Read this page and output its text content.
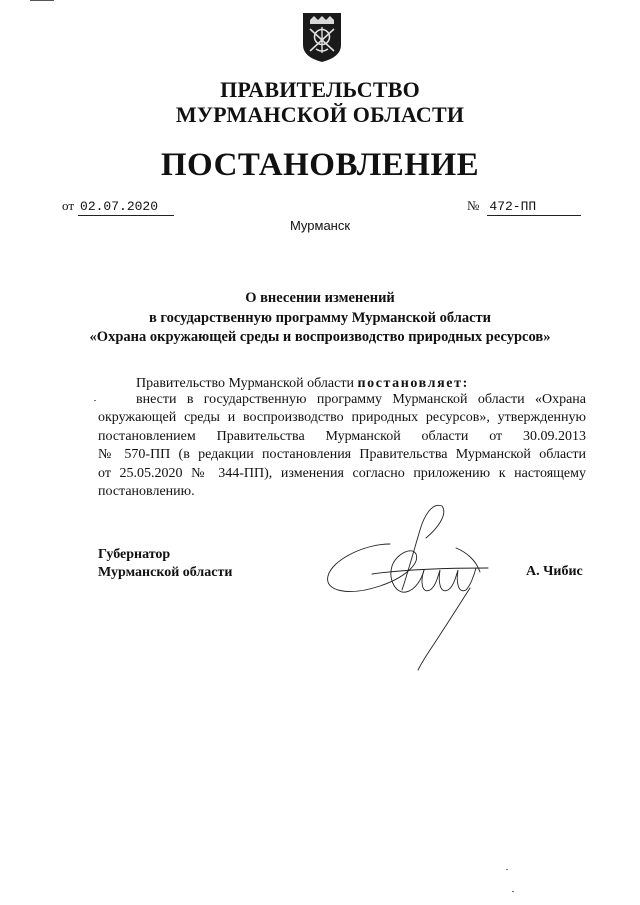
ПРАВИТЕЛЬСТВО
МУРМАНСКОЙ ОБЛАСТИ
ПОСТАНОВЛЕНИЕ
от 02.07.2020	№ 472-ПП
Мурманск
О внесении изменений
в государственную программу Мурманской области
«Охрана окружающей среды и воспроизводство природных ресурсов»
Правительство Мурманской области постановляет:
внести в государственную программу Мурманской области «Охрана
окружающей среды и воспроизводство природных ресурсов», утвержденную
постановлением Правительства Мурманской области от 30.09.2013
№ 570-ПП (в редакции постановления Правительства Мурманской области
от 25.05.2020 № 344-ПП), изменения согласно приложению к настоящему
постановлению.
Губернатор
Мурманской области	А. Чибис
